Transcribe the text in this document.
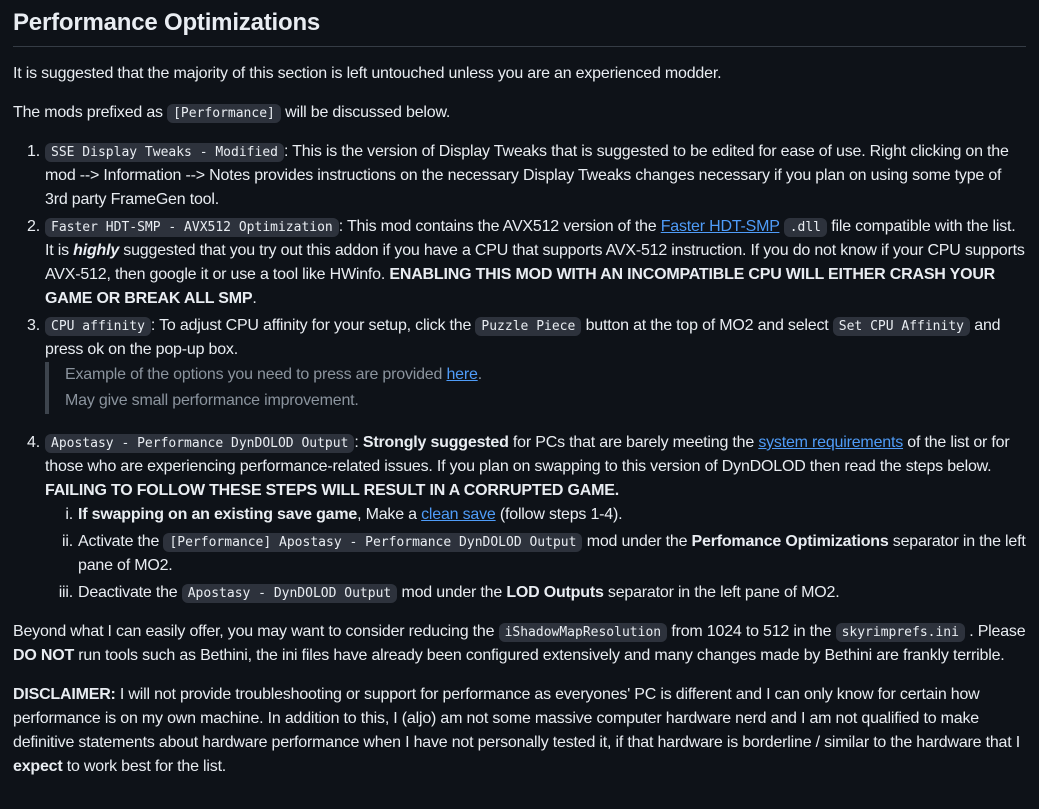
Performance Optimizations

It is suggested that the majority of this section is left untouched unless you are an experienced modder.

The mods prefixed as [Performance] will be discussed below.

1. SSE Display Tweaks - Modified : This is the version of Display Tweaks that is suggested to be edited for ease of use. Right clicking on the mod --> Information --> Notes provides instructions on the necessary Display Tweaks changes necessary if you plan on using some type of 3rd party FrameGen tool.
2. Faster HDT-SMP - AVX512 Optimization : This mod contains the AVX512 version of the Faster HDT-SMP .dll file compatible with the list. It is highly suggested that you try out this addon if you have a CPU that supports AVX-512 instruction. If you do not know if your CPU supports AVX-512, then google it or use a tool like HWinfo. ENABLING THIS MOD WITH AN INCOMPATIBLE CPU WILL EITHER CRASH YOUR GAME OR BREAK ALL SMP.
3. CPU affinity : To adjust CPU affinity for your setup, click the Puzzle Piece button at the top of MO2 and select Set CPU Affinity and press ok on the pop-up box.

Example of the options you need to press are provided here.

May give small performance improvement.

4. Apostasy - Performance DynDOLOD Output : Strongly suggested for PCs that are barely meeting the system requirements of the list or for those who are experiencing performance-related issues. If you plan on swapping to this version of DynDOLOD then read the steps below. FAILING TO FOLLOW THESE STEPS WILL RESULT IN A CORRUPTED GAME.
i. If swapping on an existing save game, Make a clean save (follow steps 1-4).
ii. Activate the [Performance] Apostasy - Performance DynDOLOD Output mod under the Perfomance Optimizations separator in the left pane of MO2.
iii. Deactivate the Apostasy - DynDOLOD Output mod under the LOD Outputs separator in the left pane of MO2.

Beyond what I can easily offer, you may want to consider reducing the iShadowMapResolution from 1024 to 512 in the skyrimprefs.ini . Please DO NOT run tools such as Bethini, the ini files have already been configured extensively and many changes made by Bethini are frankly terrible.

DISCLAIMER: I will not provide troubleshooting or support for performance as everyones' PC is different and I can only know for certain how performance is on my own machine. In addition to this, I (aljo) am not some massive computer hardware nerd and I am not qualified to make definitive statements about hardware performance when I have not personally tested it, if that hardware is borderline / similar to the hardware that I expect to work best for the list.
